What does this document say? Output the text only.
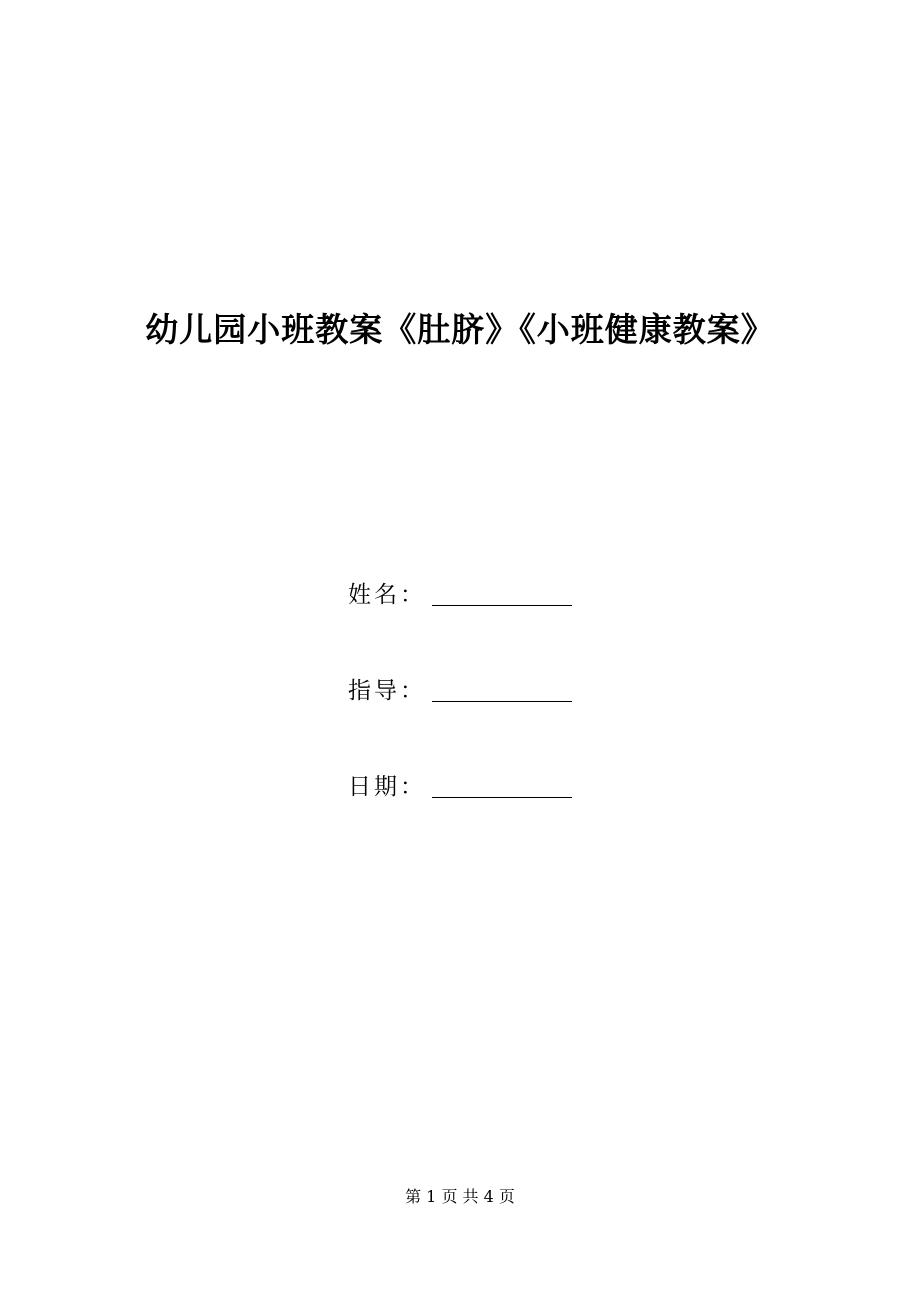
幼儿园小班教案《肚脐》《小班健康教案》
姓名：
指导：
日期：
第 1 页 共 4 页
